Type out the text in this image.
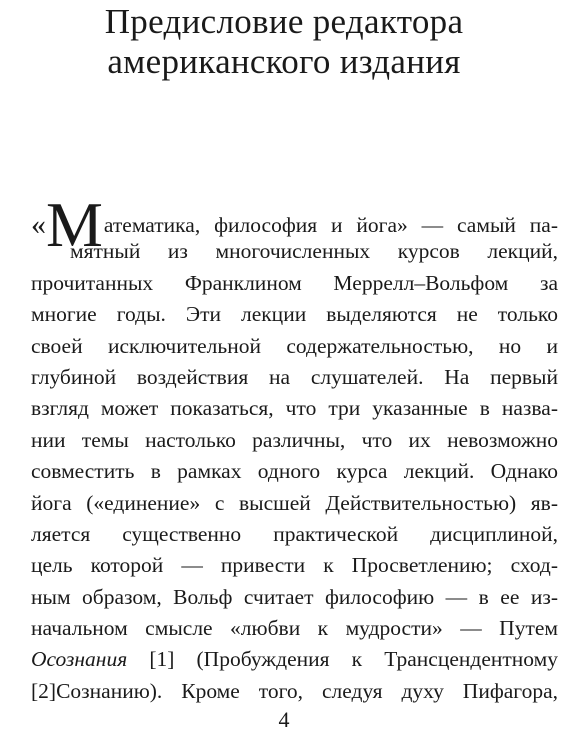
Предисловие редактора
американского издания
«Математика, философия и йога» — самый па-
мятный из многочисленных курсов лекций,
прочитанных Франклином Меррелл–Вольфом за
многие годы. Эти лекции выделяются не только
своей исключительной содержательностью, но и
глубиной воздействия на слушателей. На первый
взгляд может показаться, что три указанные в назва-
нии темы настолько различны, что их невозможно
совместить в рамках одного курса лекций. Однако
йога («единение» с высшей Действительностью) яв-
ляется существенно практической дисциплиной,
цель которой — привести к Просветлению; сход-
ным образом, Вольф считает философию — в ее из-
начальном смысле «любви к мудрости» — Путем
Осознания [1] (Пробуждения к Трансцендентному
[2]Сознанию). Кроме того, следуя духу Пифагора,
4
